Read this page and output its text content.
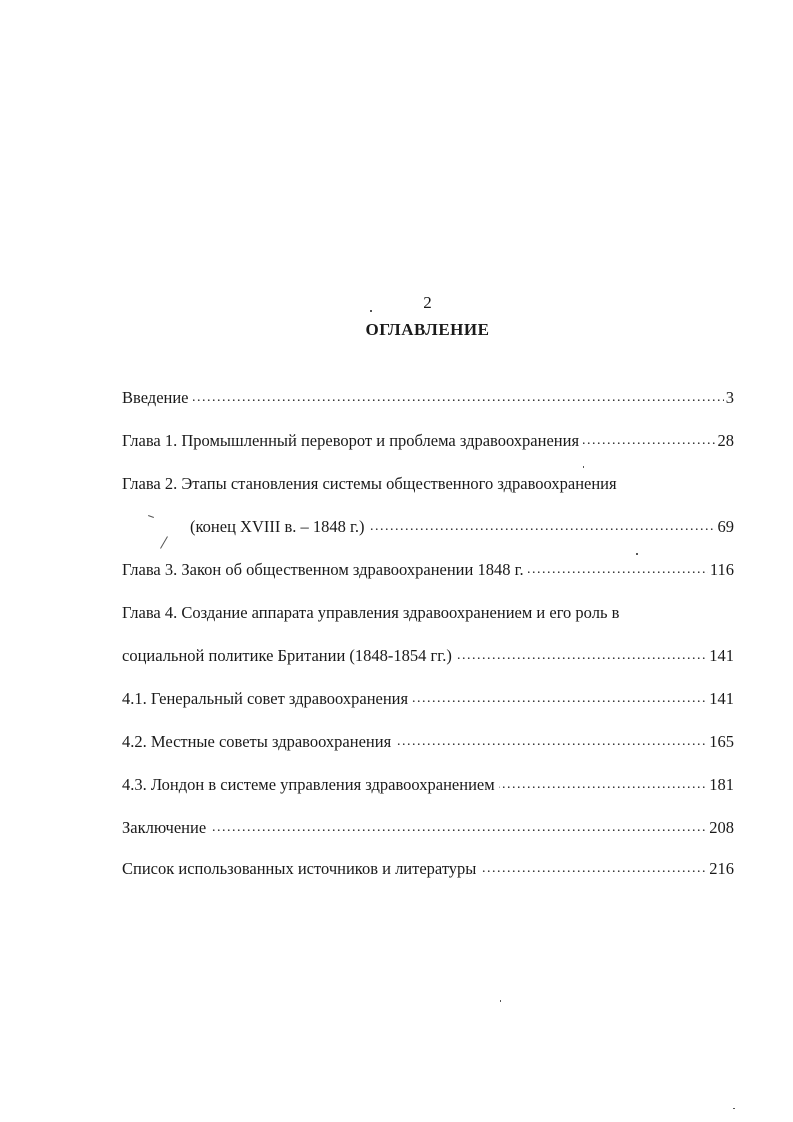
2
ОГЛАВЛЕНИЕ
Введение	3
. . .
Глава 1. Промышленный переворот и проблема здравоохранения	28
. . .
Глава 2. Этапы становления системы общественного здравоохранения
(конец XVIII в. – 1848 г.)	69
. . .
Глава 3. Закон об общественном здравоохранении 1848 г.	116
. . .
Глава 4. Создание аппарата управления здравоохранением и его роль в
социальной политике Британии (1848-1854 гг.)	141
. . .
4.1. Генеральный совет здравоохранения	141
. . .
4.2. Местные советы здравоохранения	165
. . .
4.3. Лондон в системе управления здравоохранением	181
. . .
Заключение	208
. . .
Список использованных источников и литературы	216
. . .
